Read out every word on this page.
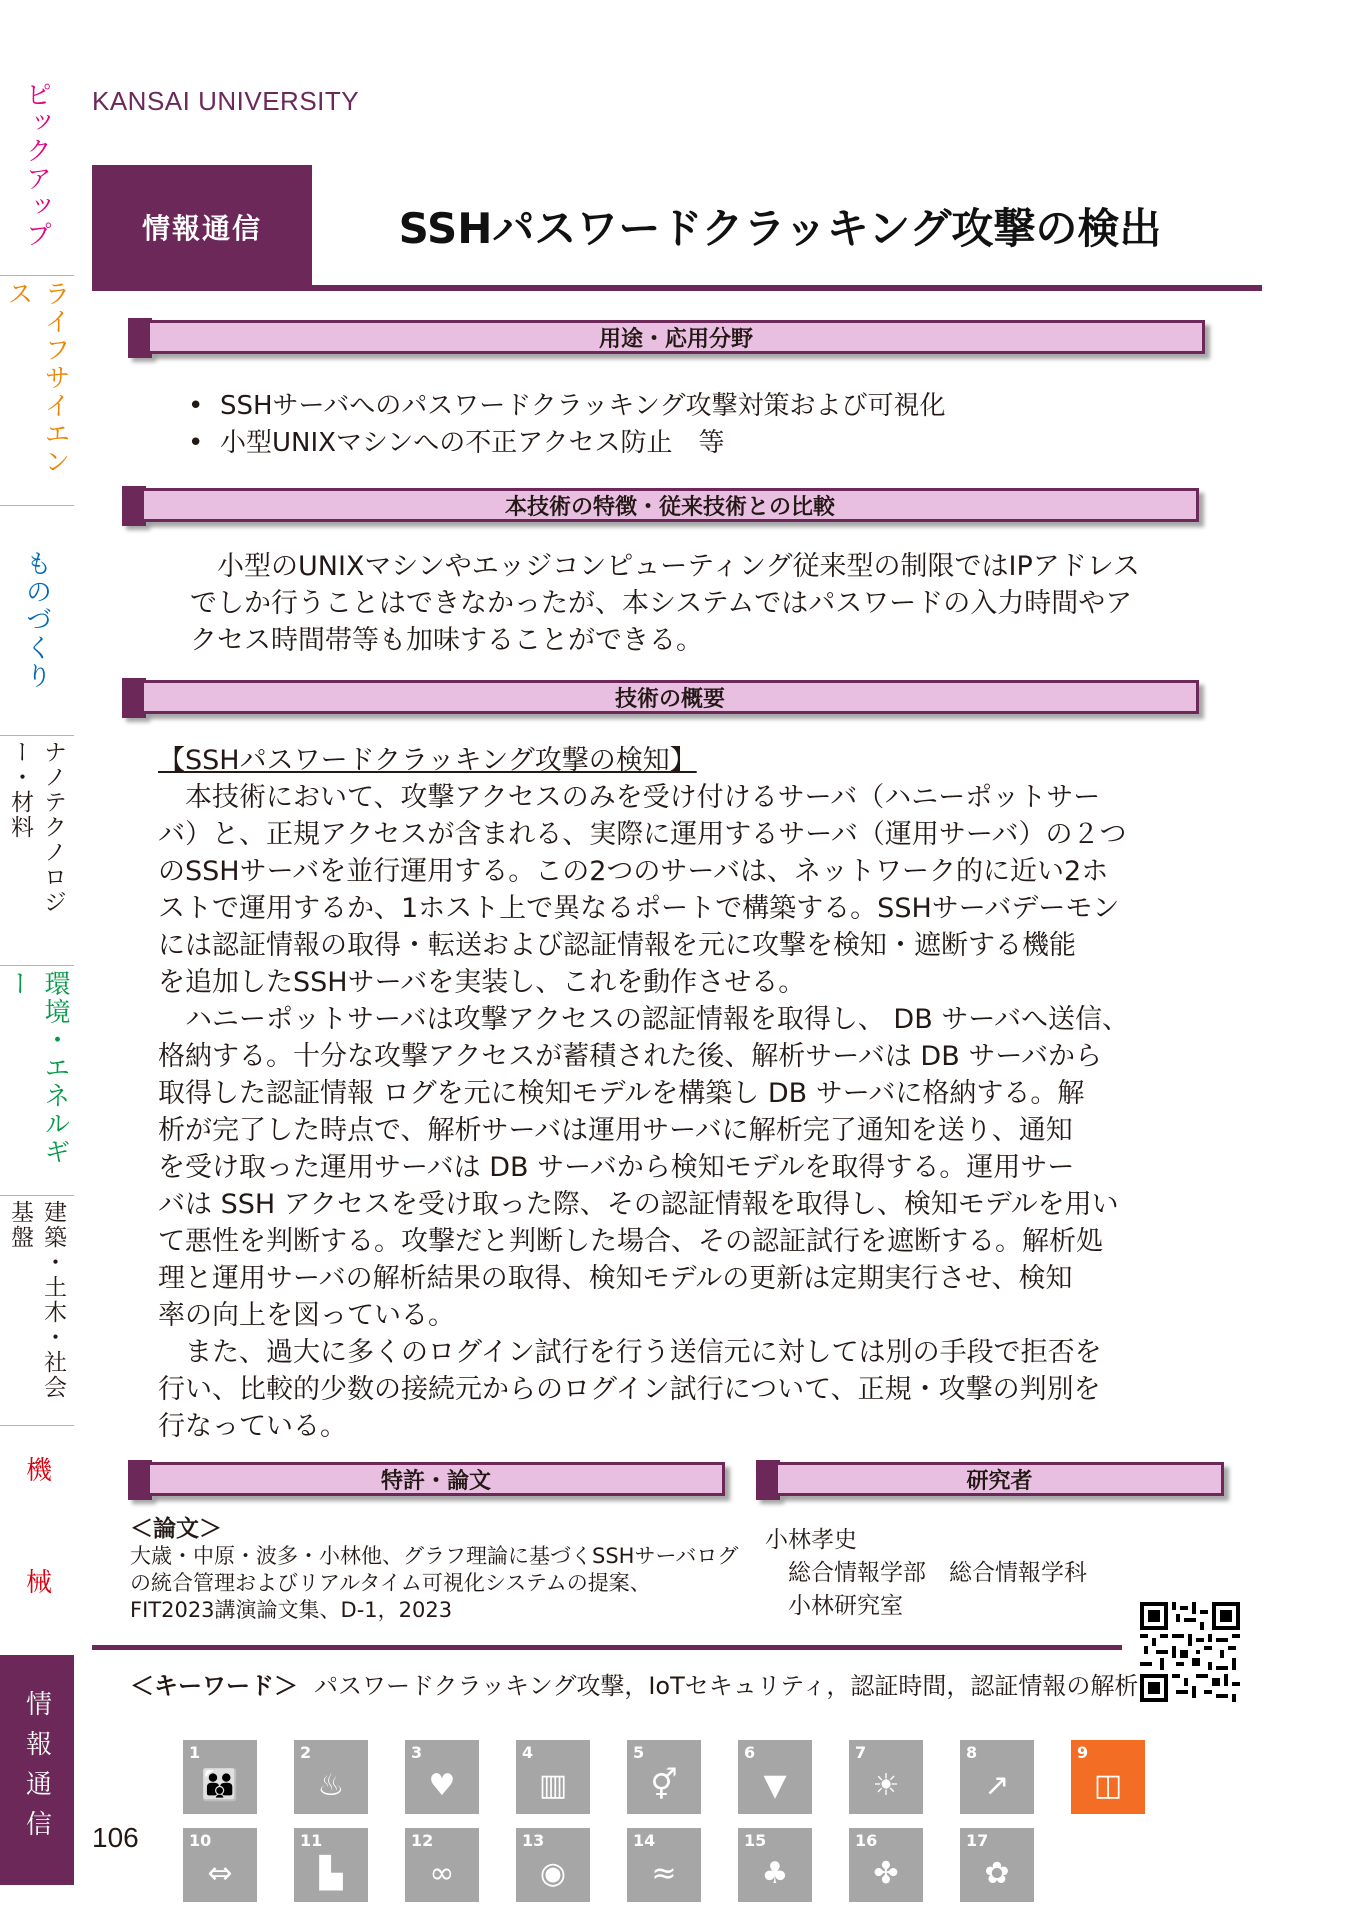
ピックアップ
ライフサイエンス
ものづくり
ナノテクノロジー・材料
環境・エネルギー
建築・土木・社会基盤
機　械
情報通信
KANSAI UNIVERSITY
情報通信	SSHパスワードクラッキング攻撃の検出
用途・応用分野
• SSHサーバへのパスワードクラッキング攻撃対策および可視化
• 小型UNIXマシンへの不正アクセス防止　等
本技術の特徴・従来技術との比較
　小型のUNIXマシンやエッジコンピューティング従来型の制限ではIPアドレス
でしか行うことはできなかったが、本システムではパスワードの入力時間やア
クセス時間帯等も加味することができる。
技術の概要
【SSHパスワードクラッキング攻撃の検知】
　本技術において、攻撃アクセスのみを受け付けるサーバ（ハニーポットサー
バ）と、正規アクセスが含まれる、実際に運用するサーバ（運用サーバ）の２つ
のSSHサーバを並行運用する。この2つのサーバは、ネットワーク的に近い2ホ
ストで運用するか、1ホスト上で異なるポートで構築する。SSHサーバデーモン
には認証情報の取得・転送および認証情報を元に攻撃を検知・遮断する機能
を追加したSSHサーバを実装し、これを動作させる。
　ハニーポットサーバは攻撃アクセスの認証情報を取得し、 DB サーバへ送信、
格納する。十分な攻撃アクセスが蓄積された後、解析サーバは DB サーバから
取得した認証情報 ログを元に検知モデルを構築し DB サーバに格納する。解
析が完了した時点で、解析サーバは運用サーバに解析完了通知を送り、通知
を受け取った運用サーバは DB サーバから検知モデルを取得する。運用サー
バは SSH アクセスを受け取った際、その認証情報を取得し、検知モデルを用い
て悪性を判断する。攻撃だと判断した場合、その認証試行を遮断する。解析処
理と運用サーバの解析結果の取得、検知モデルの更新は定期実行させ、検知
率の向上を図っている。
　また、過大に多くのログイン試行を行う送信元に対しては別の手段で拒否を
行い、比較的少数の接続元からのログイン試行について、正規・攻撃の判別を
行なっている。
特許・論文	研究者
＜論文＞
大歳・中原・波多・小林他、グラフ理論に基づくSSHサーバログ
の統合管理およびリアルタイム可視化システムの提案、
FIT2023講演論文集、D-1，2023
小林孝史
　総合情報学部　総合情報学科
　小林研究室
＜キーワード＞ パスワードクラッキング攻撃，IoTセキュリティ，認証時間，認証情報の解析
106
1
👪
2
♨
3
♥
4
▥
5
⚥
6
▼
7
☀
8
↗
9
◫
10
⇔
11
▙
12
∞
13
◉
14
≈
15
♣
16
✤
17
✿
